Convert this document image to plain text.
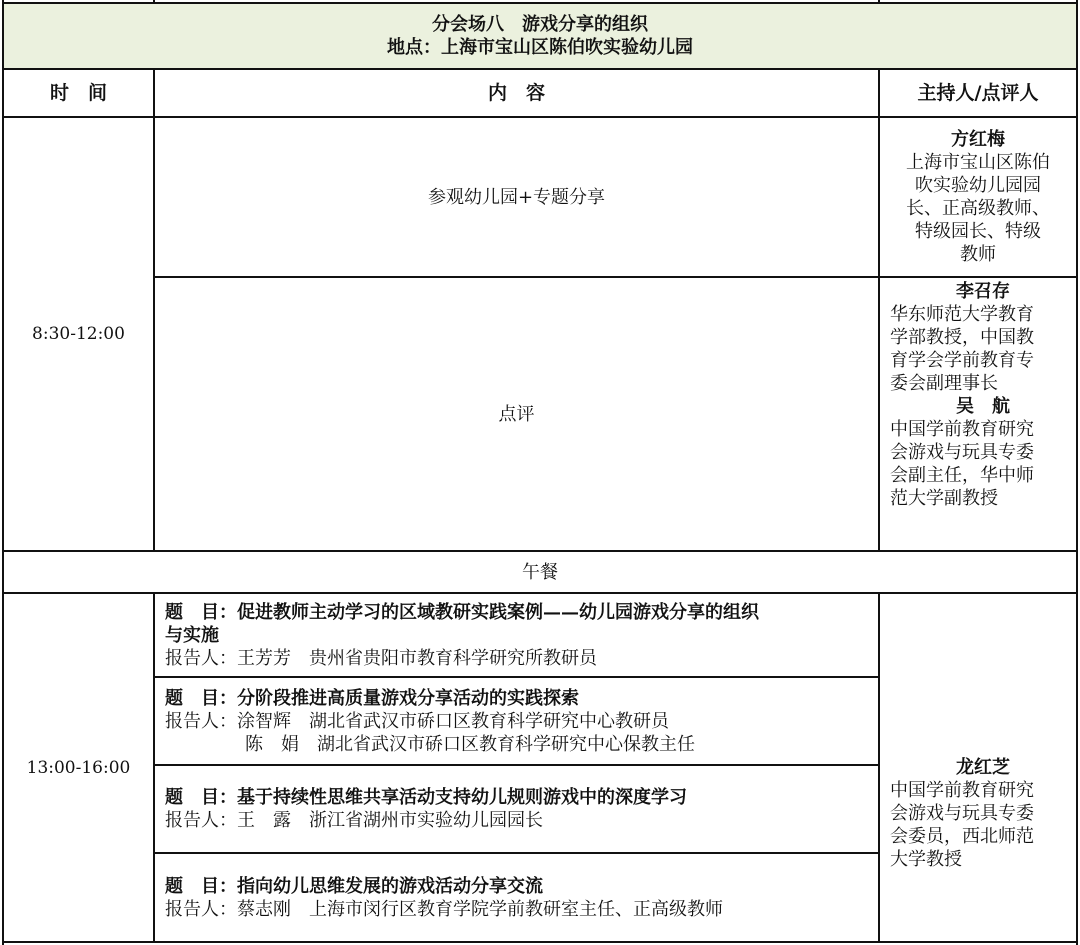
分会场八　游戏分享的组织
地点：上海市宝山区陈伯吹实验幼儿园
时　间	内　容	主持人/点评人
8:30-12:00
参观幼儿园+专题分享
方红梅
上海市宝山区陈伯
吹实验幼儿园园
长、正高级教师、
特级园长、特级
教师
点评
李召存
华东师范大学教育
学部教授，中国教
育学会学前教育专
委会副理事长
吴　航
中国学前教育研究
会游戏与玩具专委
会副主任，华中师
范大学副教授
午餐
13:00-16:00
题　目：促进教师主动学习的区域教研实践案例——幼儿园游戏分享的组织
与实施
报告人：王芳芳　贵州省贵阳市教育科学研究所教研员
题　目：分阶段推进高质量游戏分享活动的实践探索
报告人：涂智辉　湖北省武汉市硚口区教育科学研究中心教研员
陈　娟　湖北省武汉市硚口区教育科学研究中心保教主任
题　目：基于持续性思维共享活动支持幼儿规则游戏中的深度学习
报告人：王　露　浙江省湖州市实验幼儿园园长
题　目：指向幼儿思维发展的游戏活动分享交流
报告人：蔡志刚　上海市闵行区教育学院学前教研室主任、正高级教师
龙红芝
中国学前教育研究
会游戏与玩具专委
会委员，西北师范
大学教授
